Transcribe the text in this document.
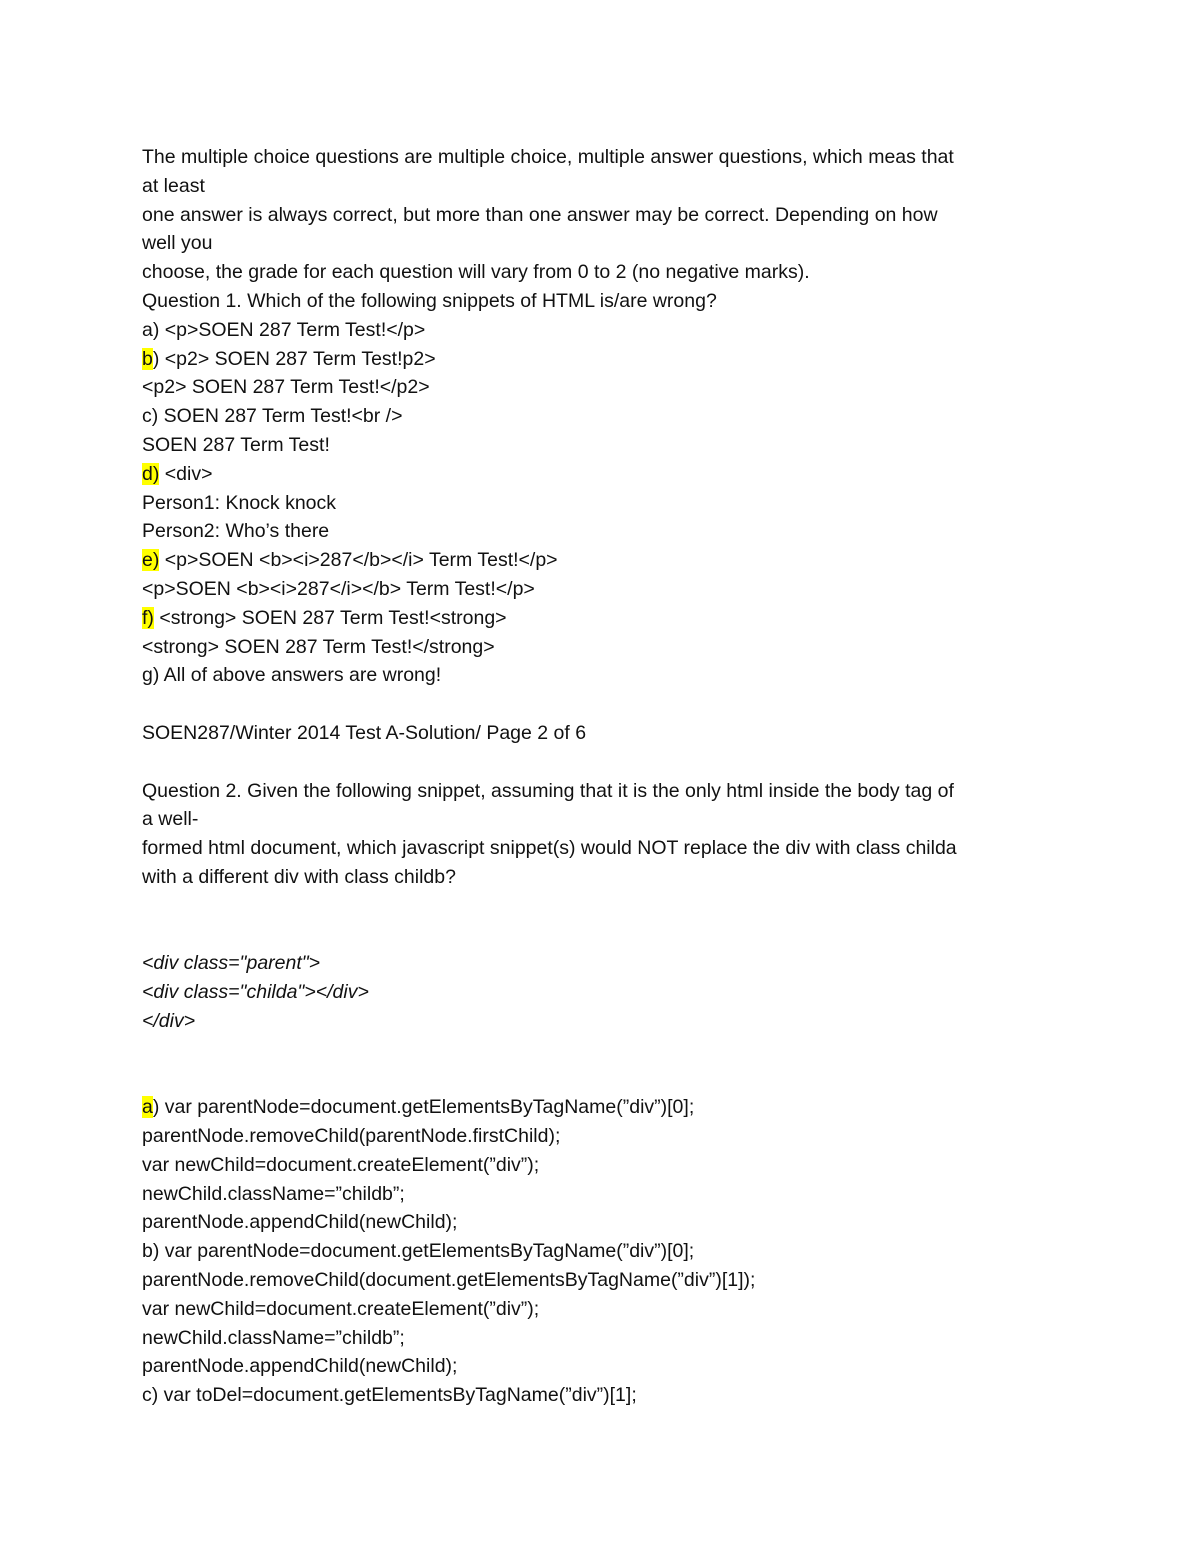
The multiple choice questions are multiple choice, multiple answer questions, which meas that
at least
one answer is always correct, but more than one answer may be correct. Depending on how
well you
choose, the grade for each question will vary from 0 to 2 (no negative marks).
Question 1. Which of the following snippets of HTML is/are wrong?
a) <p>SOEN 287 Term Test!</p>
b) <p2> SOEN 287 Term Test!p2>
<p2> SOEN 287 Term Test!</p2>
c) SOEN 287 Term Test!<br />
SOEN 287 Term Test!
d) <div>
Person1: Knock knock
Person2: Who’s there
e) <p>SOEN <b><i>287</b></i> Term Test!</p>
<p>SOEN <b><i>287</i></b> Term Test!</p>
f) <strong> SOEN 287 Term Test!<strong>
<strong> SOEN 287 Term Test!</strong>
g) All of above answers are wrong!
SOEN287/Winter 2014 Test A-Solution/ Page 2 of 6
Question 2. Given the following snippet, assuming that it is the only html inside the body tag of
a well-
formed html document, which javascript snippet(s) would NOT replace the div with class childa
with a different div with class childb?
<div class="parent">
<div class="childa"></div>
</div>
a) var parentNode=document.getElementsByTagName(”div”)[0];
parentNode.removeChild(parentNode.firstChild);
var newChild=document.createElement(”div”);
newChild.className=”childb”;
parentNode.appendChild(newChild);
b) var parentNode=document.getElementsByTagName(”div”)[0];
parentNode.removeChild(document.getElementsByTagName(”div”)[1]);
var newChild=document.createElement(”div”);
newChild.className=”childb”;
parentNode.appendChild(newChild);
c) var toDel=document.getElementsByTagName(”div”)[1];
